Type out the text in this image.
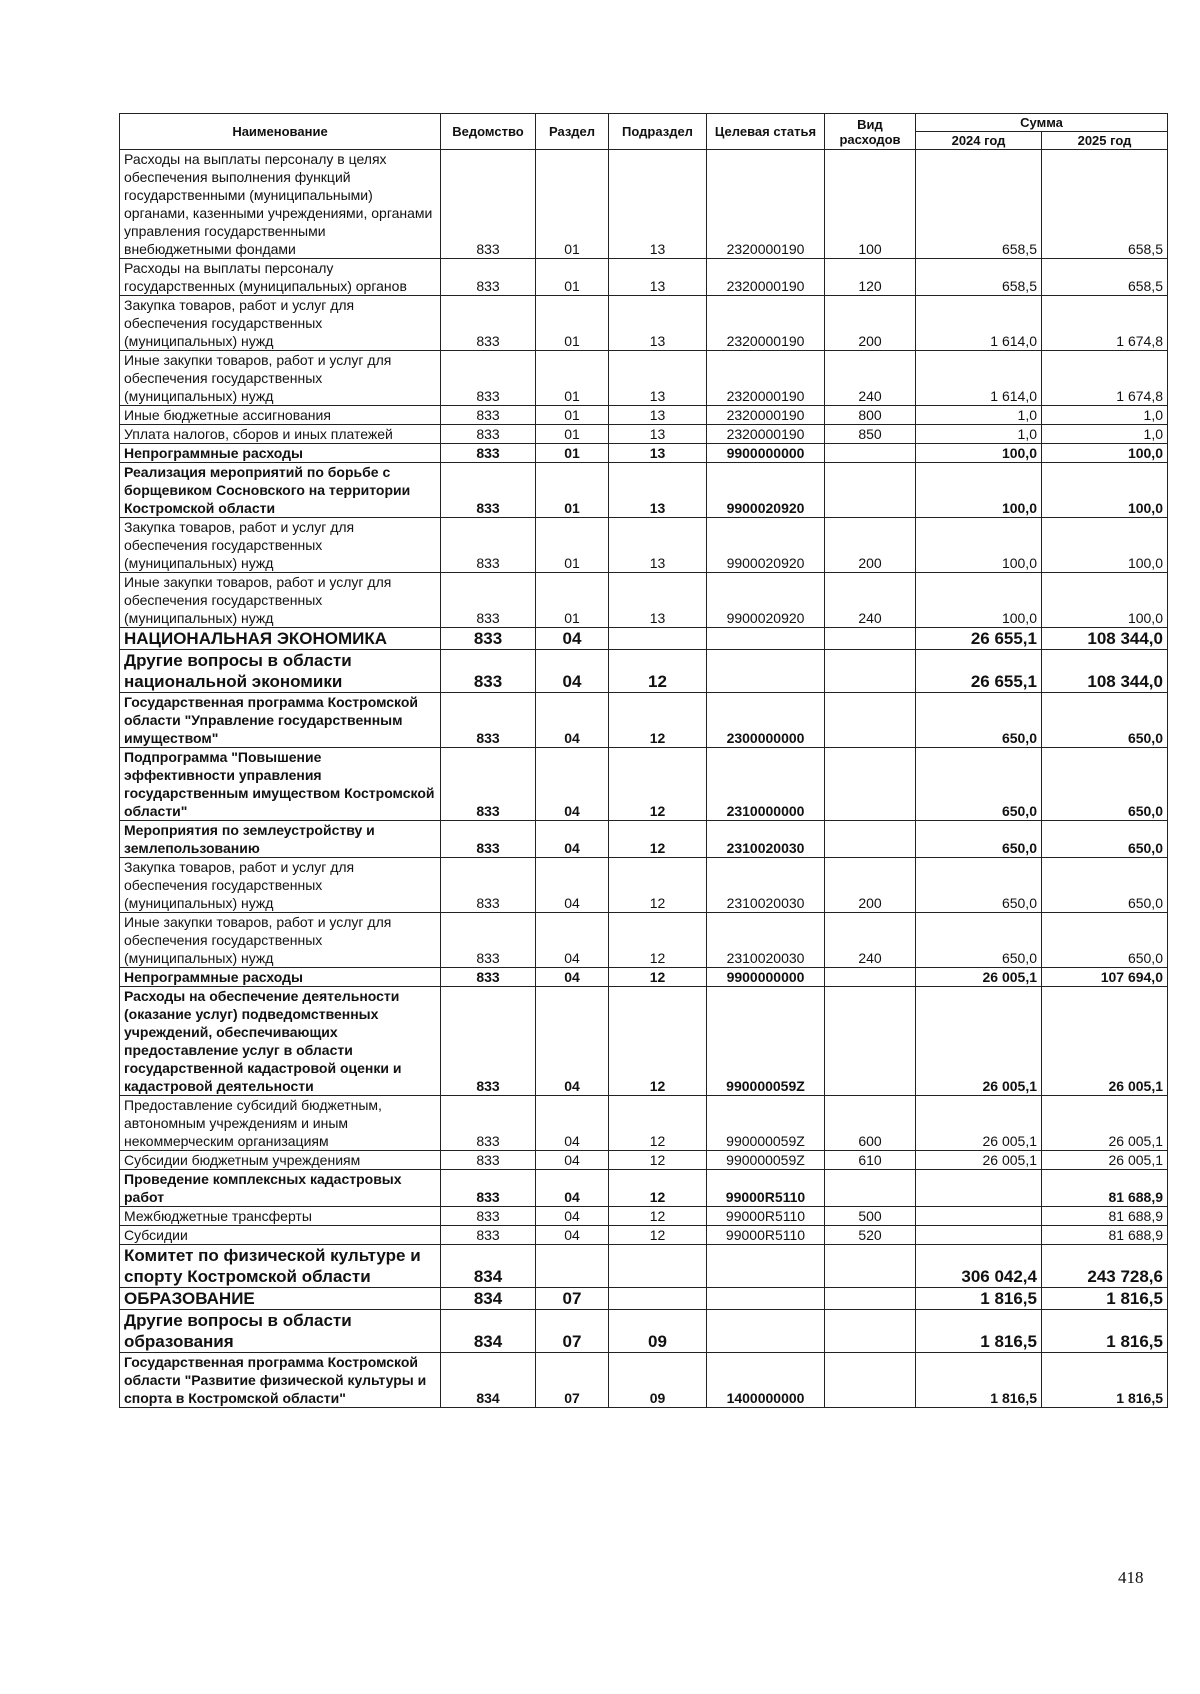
Наименование	Ведомство	Раздел	Подраздел	Целевая статья	Вид расходов	Сумма	
						2024 год	2025 год
Расходы на выплаты персоналу в целях обеспечения выполнения функций государственными (муниципальными) органами, казенными учреждениями, органами управления государственными внебюджетными фондами	833	01	13	2320000190	100	658,5	658,5
Расходы на выплаты персоналу государственных (муниципальных) органов	833	01	13	2320000190	120	658,5	658,5
Закупка товаров, работ и услуг для обеспечения государственных (муниципальных) нужд	833	01	13	2320000190	200	1 614,0	1 674,8
Иные закупки товаров, работ и услуг для обеспечения государственных (муниципальных) нужд	833	01	13	2320000190	240	1 614,0	1 674,8
Иные бюджетные ассигнования	833	01	13	2320000190	800	1,0	1,0
Уплата налогов, сборов и иных платежей	833	01	13	2320000190	850	1,0	1,0
Непрограммные расходы	833	01	13	9900000000		100,0	100,0
Реализация мероприятий по борьбе с борщевиком Сосновского на территории Костромской области	833	01	13	9900020920		100,0	100,0
Закупка товаров, работ и услуг для обеспечения государственных (муниципальных) нужд	833	01	13	9900020920	200	100,0	100,0
Иные закупки товаров, работ и услуг для обеспечения государственных (муниципальных) нужд	833	01	13	9900020920	240	100,0	100,0
НАЦИОНАЛЬНАЯ ЭКОНОМИКА	833	04				26 655,1	108 344,0
Другие вопросы в области национальной экономики	833	04	12			26 655,1	108 344,0
Государственная программа Костромской области "Управление государственным имуществом"	833	04	12	2300000000		650,0	650,0
Подпрограмма "Повышение эффективности управления государственным имуществом Костромской области"	833	04	12	2310000000		650,0	650,0
Мероприятия по землеустройству и землепользованию	833	04	12	2310020030		650,0	650,0
Закупка товаров, работ и услуг для обеспечения государственных (муниципальных) нужд	833	04	12	2310020030	200	650,0	650,0
Иные закупки товаров, работ и услуг для обеспечения государственных (муниципальных) нужд	833	04	12	2310020030	240	650,0	650,0
Непрограммные расходы	833	04	12	9900000000		26 005,1	107 694,0
Расходы на обеспечение деятельности (оказание услуг) подведомственных учреждений, обеспечивающих предоставление услуг в области государственной кадастровой оценки и кадастровой деятельности	833	04	12	990000059Z		26 005,1	26 005,1
Предоставление субсидий бюджетным, автономным учреждениям и иным некоммерческим организациям	833	04	12	990000059Z	600	26 005,1	26 005,1
Субсидии бюджетным учреждениям	833	04	12	990000059Z	610	26 005,1	26 005,1
Проведение комплексных кадастровых работ	833	04	12	99000R5110			81 688,9
Межбюджетные трансферты	833	04	12	99000R5110	500		81 688,9
Субсидии	833	04	12	99000R5110	520		81 688,9
Комитет по физической культуре и спорту Костромской области	834					306 042,4	243 728,6
ОБРАЗОВАНИЕ	834	07				1 816,5	1 816,5
Другие вопросы в области образования	834	07	09			1 816,5	1 816,5
Государственная программа Костромской области "Развитие физической культуры и спорта в Костромской области"	834	07	09	1400000000		1 816,5	1 816,5
418
